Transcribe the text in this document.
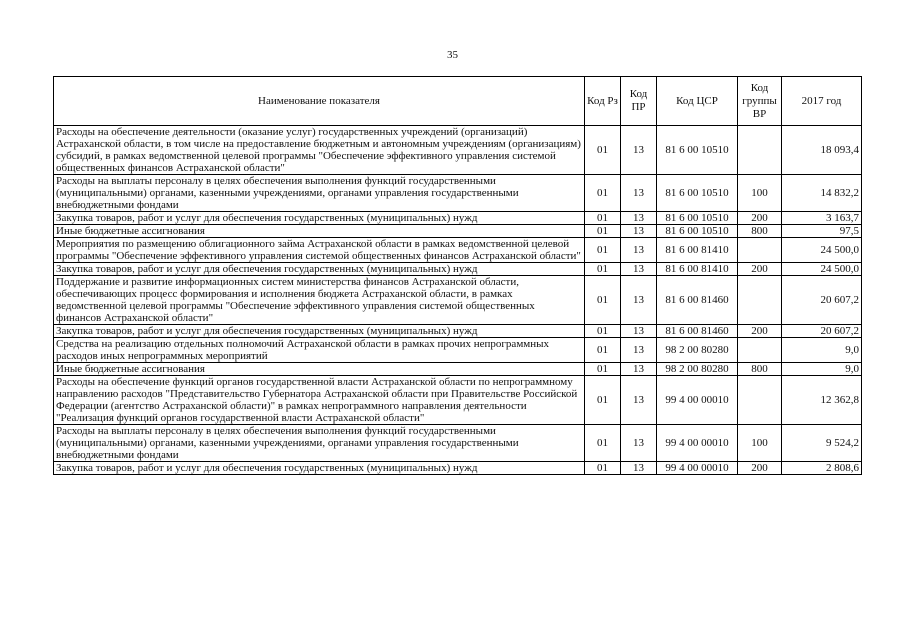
35
Наименование показателя	Код Рз	Код ПР	Код ЦСР	Код группы ВР	2017 год
Расходы на обеспечение деятельности (оказание услуг) государственных учреждений (организаций) Астраханской области, в том числе на предоставление бюджетным и автономным учреждениям (организациям) субсидий, в рамках ведомственной целевой программы "Обеспечение эффективного управления системой общественных финансов Астраханской области"	01	13	81 6 00 10510		18 093,4
Расходы на выплаты персоналу в целях обеспечения выполнения функций государственными (муниципальными) органами, казенными учреждениями, органами управления государственными внебюджетными фондами	01	13	81 6 00 10510	100	14 832,2
Закупка товаров, работ и услуг для обеспечения государственных (муниципальных) нужд	01	13	81 6 00 10510	200	3 163,7
Иные бюджетные ассигнования	01	13	81 6 00 10510	800	97,5
Мероприятия по размещению облигационного займа Астраханской области в рамках ведомственной целевой программы "Обеспечение эффективного управления системой общественных финансов Астраханской области"	01	13	81 6 00 81410		24 500,0
Закупка товаров, работ и услуг для обеспечения государственных (муниципальных) нужд	01	13	81 6 00 81410	200	24 500,0
Поддержание и развитие информационных систем министерства финансов Астраханской области, обеспечивающих процесс формирования и исполнения бюджета Астраханской области, в рамках ведомственной целевой программы "Обеспечение эффективного управления системой общественных финансов Астраханской области"	01	13	81 6 00 81460		20 607,2
Закупка товаров, работ и услуг для обеспечения государственных (муниципальных) нужд	01	13	81 6 00 81460	200	20 607,2
Средства на реализацию отдельных полномочий Астраханской области в рамках прочих непрограммных расходов иных непрограммных мероприятий	01	13	98 2 00 80280		9,0
Иные бюджетные ассигнования	01	13	98 2 00 80280	800	9,0
Расходы на обеспечение функций органов государственной власти Астраханской области по непрограммному направлению расходов "Представительство Губернатора Астраханской области при Правительстве Российской Федерации (агентство Астраханской области)" в рамках непрограммного направления деятельности "Реализация функций органов государственной власти Астраханской области"	01	13	99 4 00 00010		12 362,8
Расходы на выплаты персоналу в целях обеспечения выполнения функций государственными (муниципальными) органами, казенными учреждениями, органами управления государственными внебюджетными фондами	01	13	99 4 00 00010	100	9 524,2
Закупка товаров, работ и услуг для обеспечения государственных (муниципальных) нужд	01	13	99 4 00 00010	200	2 808,6
